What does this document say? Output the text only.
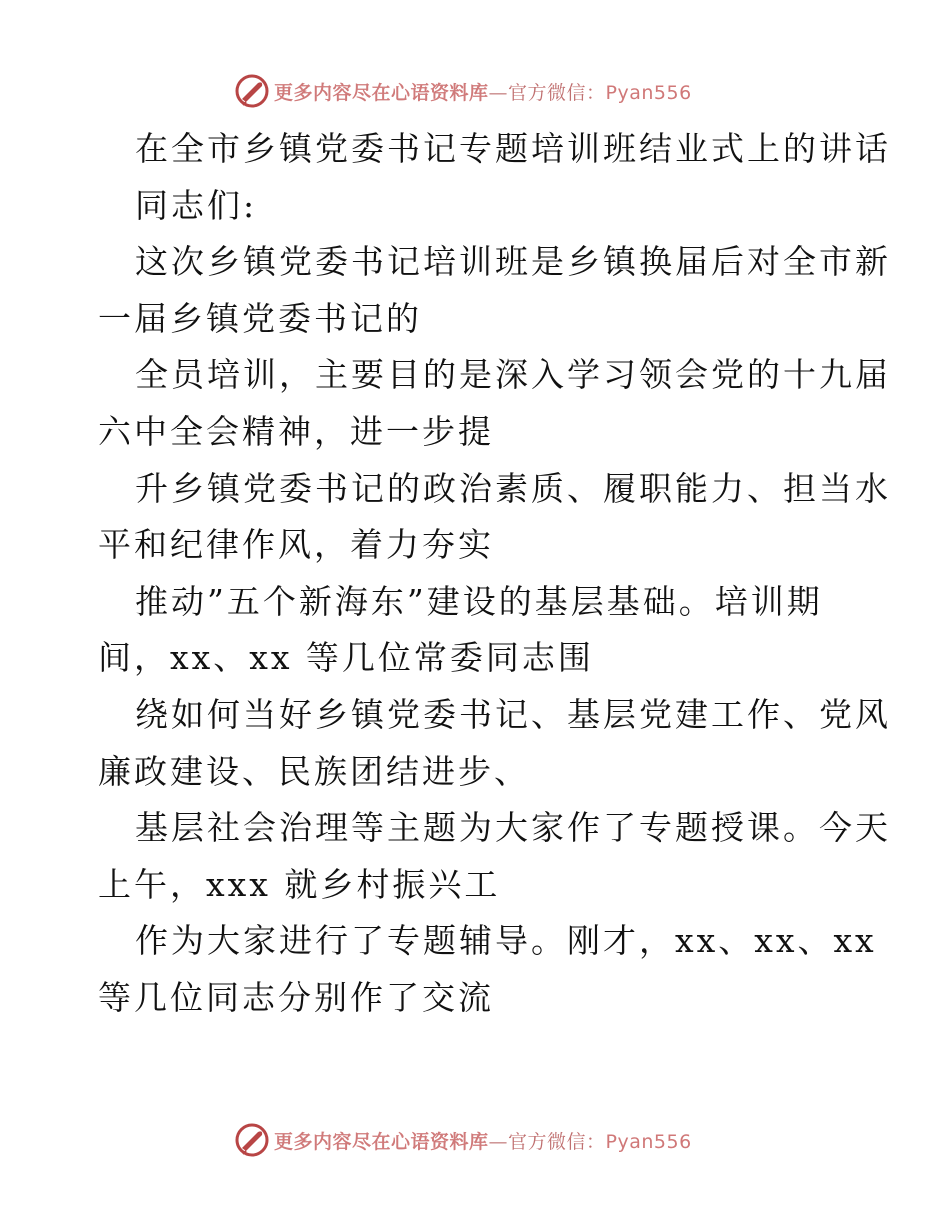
更多内容尽在心语资料库—官方微信：Pyan556
在全市乡镇党委书记专题培训班结业式上的讲话
同志们:
这次乡镇党委书记培训班是乡镇换届后对全市新
一届乡镇党委书记的
全员培训，主要目的是深入学习领会党的十九届
六中全会精神，进一步提
升乡镇党委书记的政治素质、履职能力、担当水
平和纪律作风，着力夯实
推动”五个新海东”建设的基层基础。培训期
间，xx、xx 等几位常委同志围
绕如何当好乡镇党委书记、基层党建工作、党风
廉政建设、民族团结进步、
基层社会治理等主题为大家作了专题授课。今天
上午，xxx 就乡村振兴工
作为大家进行了专题辅导。刚才，xx、xx、xx
等几位同志分别作了交流
更多内容尽在心语资料库—官方微信：Pyan556
